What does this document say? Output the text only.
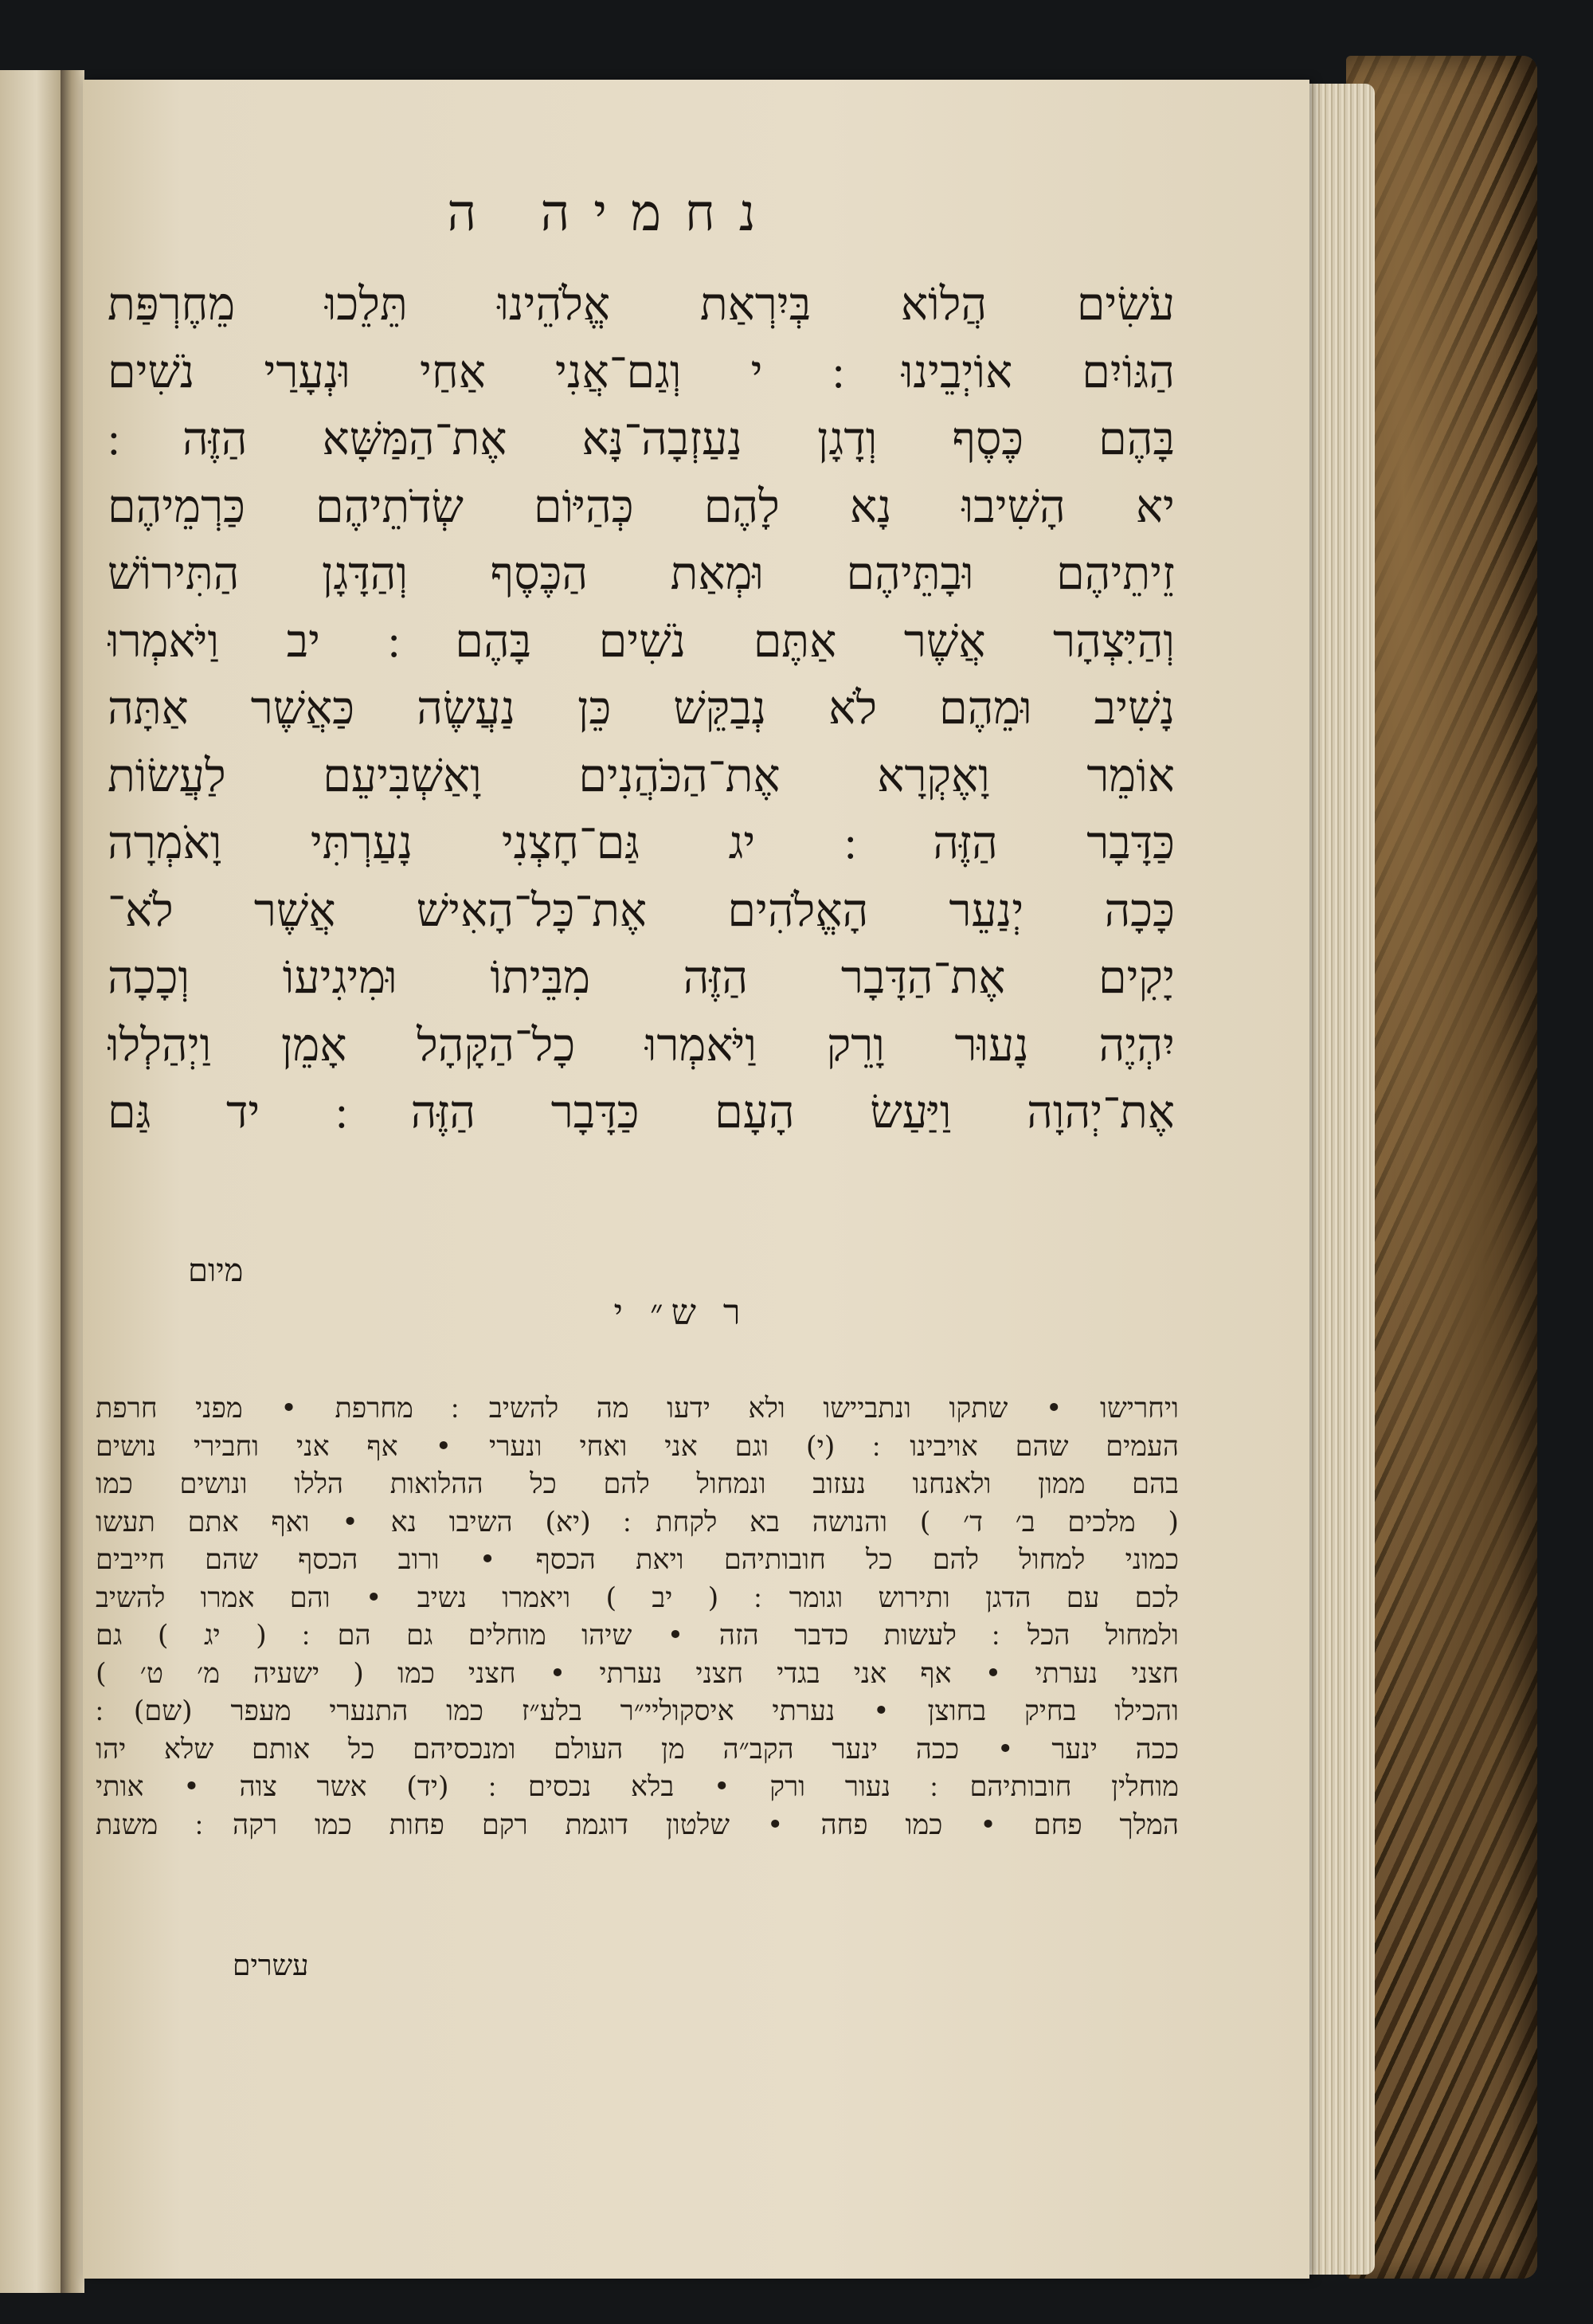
נחמיה ה
עֹשִׂים הֲלוֹא בְּיִרְאַת אֱלֹהֵינוּ תֵּלֵכוּ מֵחֶרְפַּת
הַגּוֹיִם אוֹיְבֵינוּ ׃ י וְגַם־אֲנִי אַחַי וּנְעָרַי נֹשִׁים
בָּהֶם כֶּסֶף וְדָגָן נַעַזְבָה־נָּא אֶת־הַמַּשָּׁא הַזֶּה ׃
יא הָשִׁיבוּ נָא לָהֶם כְּהַיּוֹם שְׂדֹתֵיהֶם כַּרְמֵיהֶם
זֵיתֵיהֶם וּבָתֵּיהֶם וּמְאַת הַכֶּסֶף וְהַדָּגָן הַתִּירוֹשׁ
וְהַיִּצְהָר אֲשֶׁר אַתֶּם נֹשִׁים בָּהֶם ׃ יב וַיֹּאמְרוּ
נָשִׁיב וּמֵהֶם לֹא נְבַקֵּשׁ כֵּן נַעֲשֶׂה כַּאֲשֶׁר אַתָּה
אוֹמֵר וָאֶקְרָא אֶת־הַכֹּהֲנִים וָאַשְׁבִּיעֵם לַעֲשׂוֹת
כַּדָּבָר הַזֶּה ׃ יג גַּם־חָצְנִי נָעַרְתִּי וָאֹמְרָה
כָּכָה יְנַעֵר הָאֱלֹהִים אֶת־כָּל־הָאִישׁ אֲשֶׁר לֹא־
יָקִים אֶת־הַדָּבָר הַזֶּה מִבֵּיתוֹ וּמִיגִיעוֹ וְכָכָה
יִהְיֶה נָעוּר וָרֵק וַיֹּאמְרוּ כָל־הַקָּהָל אָמֵן וַיְהַלְלוּ
אֶת־יְהוָה וַיַּעַשׂ הָעָם כַּדָּבָר הַזֶּה ׃ יד גַּם
מיום
ר ש״ י
ויחרישו • שתקו ונתביישו ולא ידעו מה להשיב ׃ מחרפת • מפני חרפת
העמים שהם אויבינו ׃ (י) וגם אני ואחי ונערי • אף אני וחבירי נושים
בהם ממון ולאנחנו נעזוב ונמחול להם כל ההלואות הללו ונושים כמו
( מלכים ב׳ ד׳ ) והנושה בא לקחת ׃ (יא) השיבו נא • ואף אתם תעשו
כמוני למחול להם כל חובותיהם ויאת הכסף • ורוב הכסף שהם חייבים
לכם עם הדגן ותירוש וגומר ׃ ( יב ) ויאמרו נשיב • והם אמרו להשיב
ולמחול הכל ׃ לעשות כדבר הזה • שיהו מוחלים גם הם ׃ ( יג ) גם
חצני נערתי • אף אני בגדי חצני נערתי • חצני כמו ( ישעיה מ׳ ט׳ )
והכילו בחיק בחוצן • נערתי איסקוליי״ר בלע״ז כמו התנערי מעפר (שם) ׃
ככה ינער • ככה ינער הקב״ה מן העולם ומנכסיהם כל אותם שלא יהו
מוחלין חובותיהם ׃ נעור ורק • בלא נכסים ׃ (יד) אשר צוה • אותי
המלך פחם • כמו פחה • שלטון דוגמת רקם פחות כמו רקה ׃ משנת
עשרים
